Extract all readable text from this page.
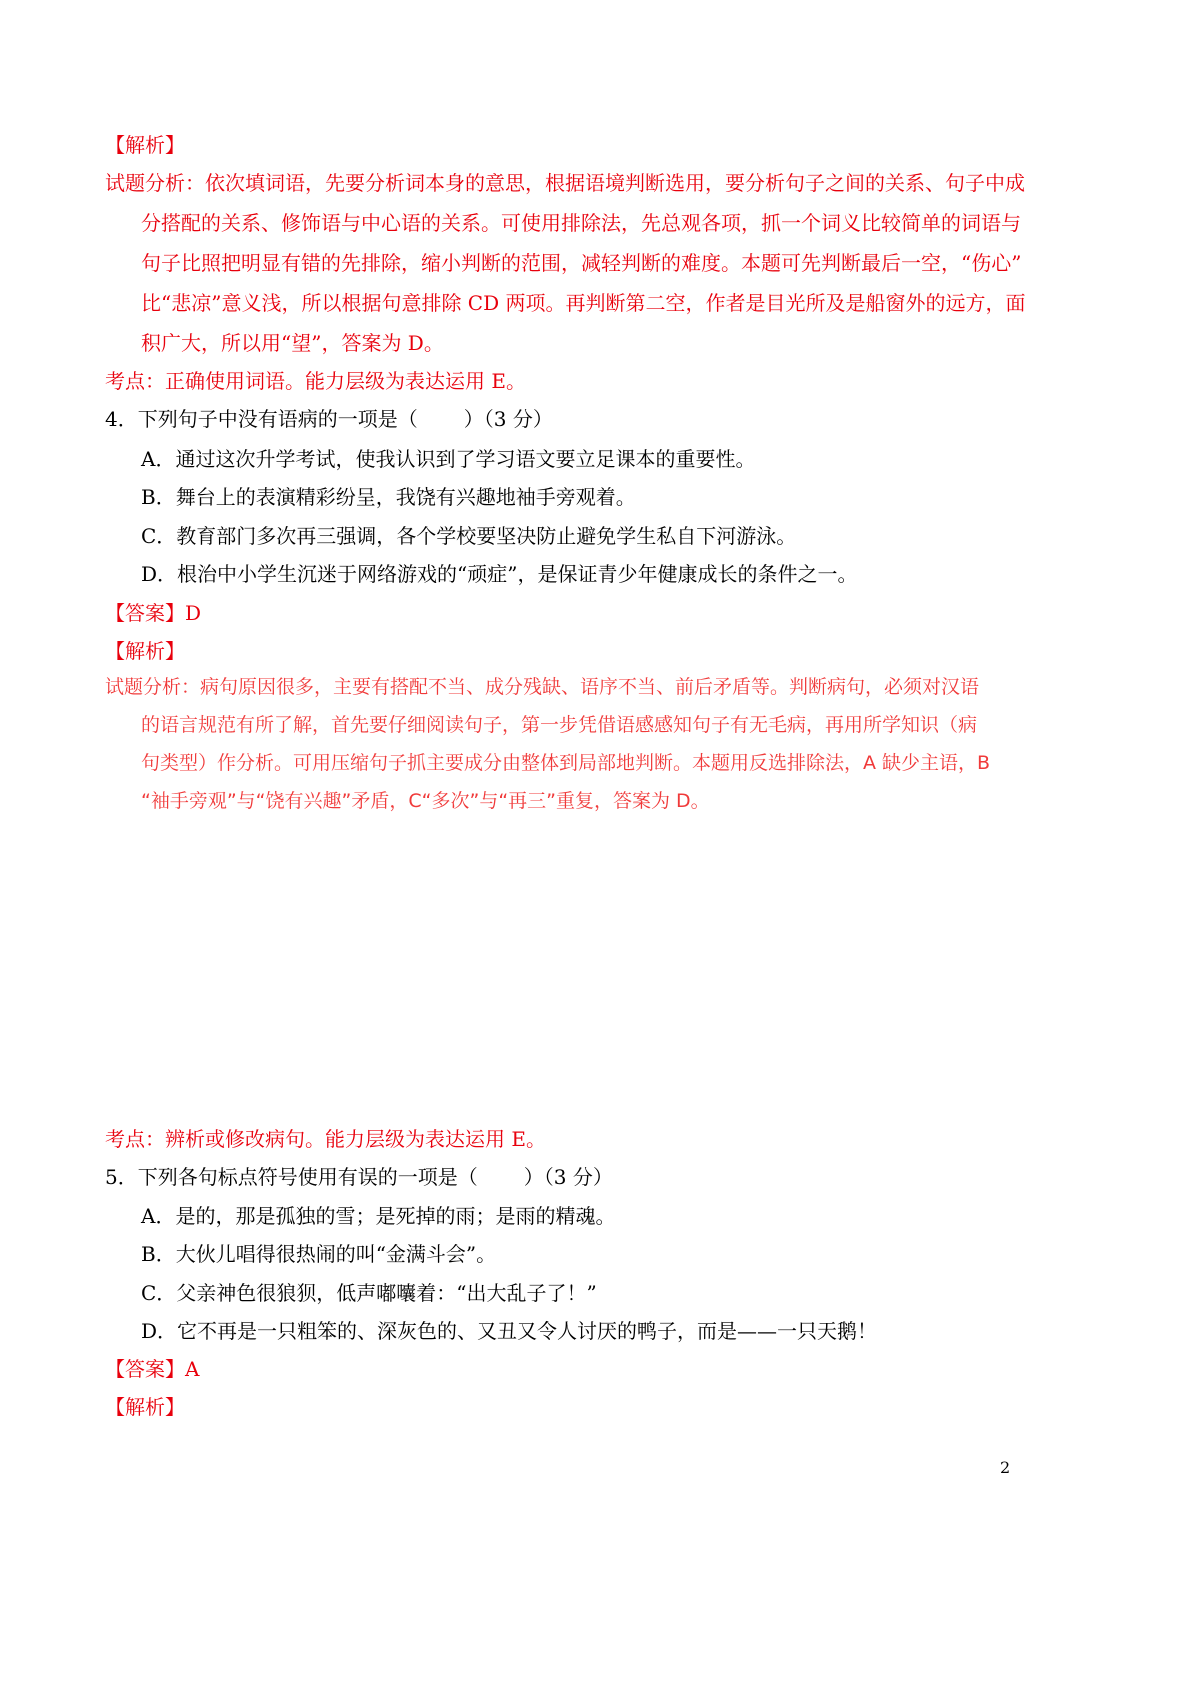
【解析】
试题分析：依次填词语，先要分析词本身的意思，根据语境判断选用，要分析句子之间的关系、句子中成
分搭配的关系、修饰语与中心语的关系。可使用排除法，先总观各项，抓一个词义比较简单的词语与
句子比照把明显有错的先排除，缩小判断的范围，减轻判断的难度。本题可先判断最后一空，“伤心”
比“悲凉”意义浅，所以根据句意排除 CD 两项。再判断第二空，作者是目光所及是船窗外的远方，面
积广大，所以用“望”，答案为 D。
考点：正确使用词语。能力层级为表达运用 E。
4．下列句子中没有语病的一项是（ ）（3 分）
A．通过这次升学考试，使我认识到了学习语文要立足课本的重要性。
B．舞台上的表演精彩纷呈，我饶有兴趣地袖手旁观着。
C．教育部门多次再三强调，各个学校要坚决防止避免学生私自下河游泳。
D．根治中小学生沉迷于网络游戏的“顽症”，是保证青少年健康成长的条件之一。
【答案】D
【解析】
试题分析：病句原因很多，主要有搭配不当、成分残缺、语序不当、前后矛盾等。判断病句，必须对汉语
的语言规范有所了解，首先要仔细阅读句子，第一步凭借语感感知句子有无毛病，再用所学知识（病
句类型）作分析。可用压缩句子抓主要成分由整体到局部地判断。本题用反选排除法，A 缺少主语，B
“袖手旁观”与“饶有兴趣”矛盾，C“多次”与“再三”重复，答案为 D。
考点：辨析或修改病句。能力层级为表达运用 E。
5．下列各句标点符号使用有误的一项是（ ）（3 分）
A．是的，那是孤独的雪；是死掉的雨；是雨的精魂。
B．大伙儿唱得很热闹的叫“金满斗会”。
C．父亲神色很狼狈，低声嘟囔着：“出大乱子了！”
D．它不再是一只粗笨的、深灰色的、又丑又令人讨厌的鸭子，而是——一只天鹅！
【答案】A
【解析】
2
